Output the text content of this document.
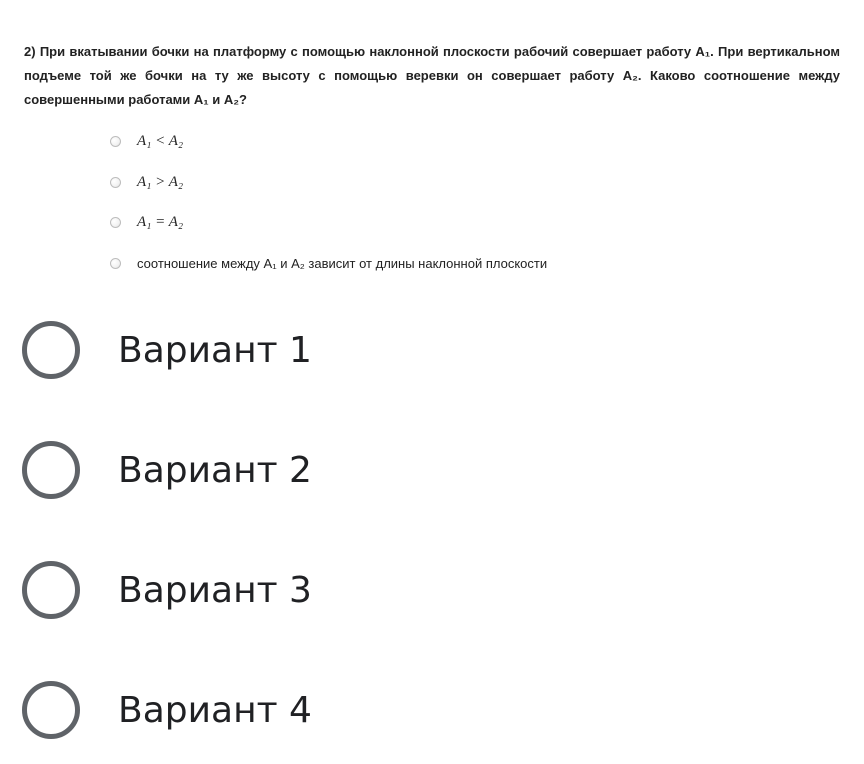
2) При вкатывании бочки на платформу с помощью наклонной плоскости рабочий совершает работу A₁. При вертикальном подъеме той же бочки на ту же высоту с помощью веревки он совершает работу A₂. Каково соотношение между совершенными работами A₁ и A₂?
A₁ < A₂
A₁ > A₂
A₁ = A₂
соотношение между A₁ и A₂ зависит от длины наклонной плоскости
Вариант 1
Вариант 2
Вариант 3
Вариант 4
